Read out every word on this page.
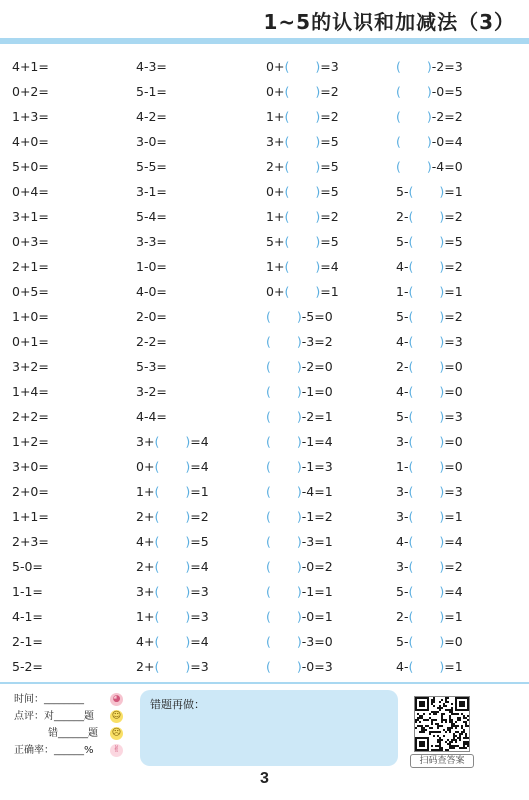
1~5的认识和加减法（3）
4+1=	4-3=	0+( )=3	( )-2=3
0+2=	5-1=	0+( )=2	( )-0=5
1+3=	4-2=	1+( )=2	( )-2=2
4+0=	3-0=	3+( )=5	( )-0=4
5+0=	5-5=	2+( )=5	( )-4=0
0+4=	3-1=	0+( )=5	5-( )=1
3+1=	5-4=	1+( )=2	2-( )=2
0+3=	3-3=	5+( )=5	5-( )=5
2+1=	1-0=	1+( )=4	4-( )=2
0+5=	4-0=	0+( )=1	1-( )=1
1+0=	2-0=	( )-5=0	5-( )=2
0+1=	2-2=	( )-3=2	4-( )=3
3+2=	5-3=	( )-2=0	2-( )=0
1+4=	3-2=	( )-1=0	4-( )=0
2+2=	4-4=	( )-2=1	5-( )=3
1+2=	3+( )=4	( )-1=4	3-( )=0
3+0=	0+( )=4	( )-1=3	1-( )=0
2+0=	1+( )=1	( )-4=1	3-( )=3
1+1=	2+( )=2	( )-1=2	3-( )=1
2+3=	4+( )=5	( )-3=1	4-( )=4
5-0=	2+( )=4	( )-0=2	3-( )=2
1-1=	3+( )=3	( )-1=1	5-( )=4
4-1=	1+( )=3	( )-0=1	2-( )=1
2-1=	4+( )=4	( )-3=0	5-( )=0
5-2=	2+( )=3	( )-0=3	4-( )=1
时间：________	◕
点评：对______题 ☺
错______题 ☹
正确率：______%	✌
错题再做：
扫码查答案
3
